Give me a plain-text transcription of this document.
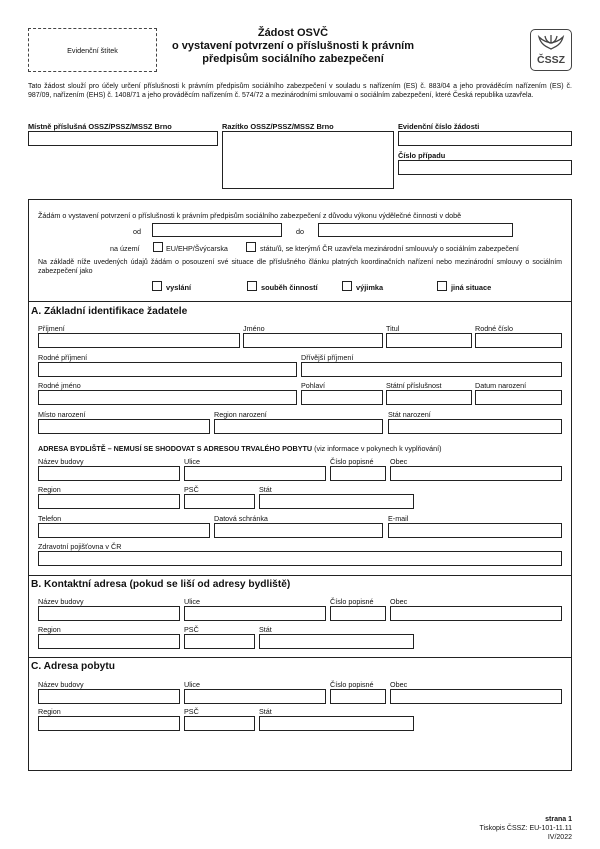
Evidenční štítek
Žádost OSVČ
o vystavení potvrzení o příslušnosti k právním
předpisům sociálního zabezpečení	ČSSZ
Tato žádost slouží pro účely určení příslušnosti k právním předpisům sociálního zabezpečení v souladu s nařízením (ES) č. 883/04 a jeho prováděcím nařízením (ES) č. 987/09, nařízením (EHS) č. 1408/71 a jeho prováděcím nařízením č. 574/72 a mezinárodními smlouvami o sociálním zabezpečení, které Česká republika uzavřela.
Místně příslušná OSSZ/PSSZ/MSSZ Brno	Razítko OSSZ/PSSZ/MSSZ Brno	Evidenční číslo žádosti
Číslo případu
Žádám o vystavení potvrzení o příslušnosti k právním předpisům sociálního zabezpečení z důvodu výkonu výdělečné činnosti v době
od	do
na území	EU/EHP/Švýcarska	státu/ů, se kterým/i ČR uzavřela mezinárodní smlouvu/y o sociálním zabezpečení
Na základě níže uvedených údajů žádám o posouzení své situace dle příslušného článku platných koordinačních nařízení nebo mezinárodní smlouvy o sociálním zabezpečení jako
vyslání	souběh činností	výjimka	jiná situace
A. Základní identifikace žadatele
Příjmení	Jméno	Titul	Rodné číslo
Rodné příjmení	Dřívější příjmení
Rodné jméno	Pohlaví	Státní příslušnost	Datum narození
Místo narození	Region narození	Stát narození
ADRESA BYDLIŠTĚ – NEMUSÍ SE SHODOVAT S ADRESOU TRVALÉHO POBYTU (viz informace v pokynech k vyplňování)
Název budovy	Ulice	Číslo popisné Obec
Region	PSČ	Stát
Telefon	Datová schránka	E-mail
Zdravotní pojišťovna v ČR
B. Kontaktní adresa (pokud se liší od adresy bydliště)
Název budovy	Ulice	Číslo popisné Obec
Region	PSČ	Stát
C. Adresa pobytu
Název budovy	Ulice	Číslo popisné Obec
Region	PSČ	Stát
strana 1
Tiskopis ČSSZ: EU-101-11.11
IV/2022
